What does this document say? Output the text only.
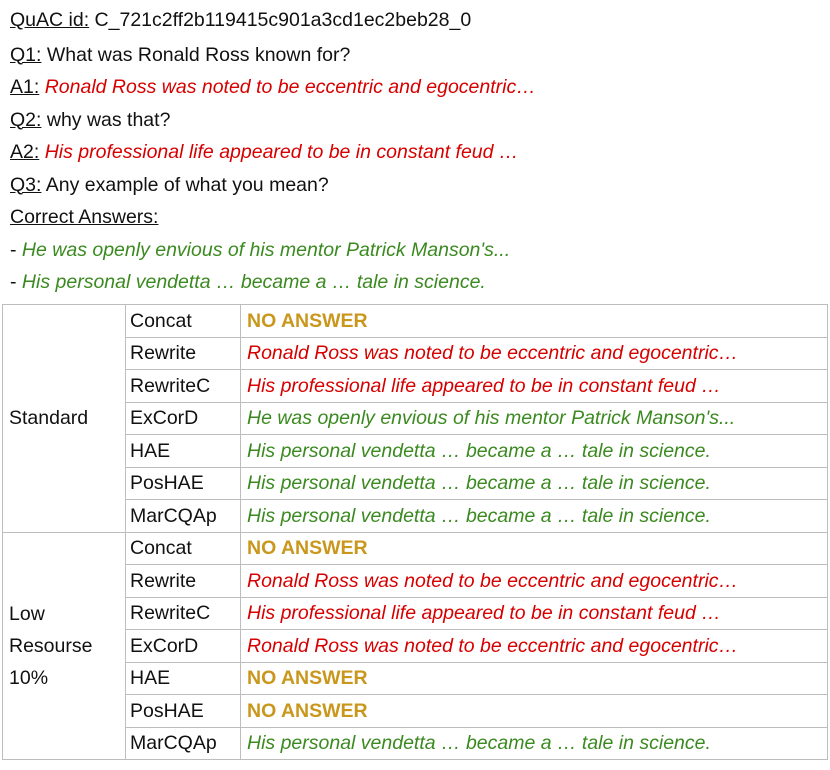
QuAC id: C_721c2ff2b119415c901a3cd1ec2beb28_0
Q1: What was Ronald Ross known for?
A1: Ronald Ross was noted to be eccentric and egocentric…
Q2: why was that?
A2: His professional life appeared to be in constant feud …
Q3: Any example of what you mean?
Correct Answers:
- He was openly envious of his mentor Patrick Manson's...
- His personal vendetta … became a … tale in science.
Standard	Concat	NO ANSWER
	Rewrite	Ronald Ross was noted to be eccentric and egocentric…
	RewriteC	His professional life appeared to be in constant feud …
	ExCorD	He was openly envious of his mentor Patrick Manson's...
	HAE	His personal vendetta … became a … tale in science.
	PosHAE	His personal vendetta … became a … tale in science.
	MarCQAp	His personal vendetta … became a … tale in science.

Low
Resourse
10%	Concat	NO ANSWER
	Rewrite	Ronald Ross was noted to be eccentric and egocentric…
	RewriteC	His professional life appeared to be in constant feud …
	ExCorD	Ronald Ross was noted to be eccentric and egocentric…
	HAE	NO ANSWER
	PosHAE	NO ANSWER
	MarCQAp	His personal vendetta … became a … tale in science.
